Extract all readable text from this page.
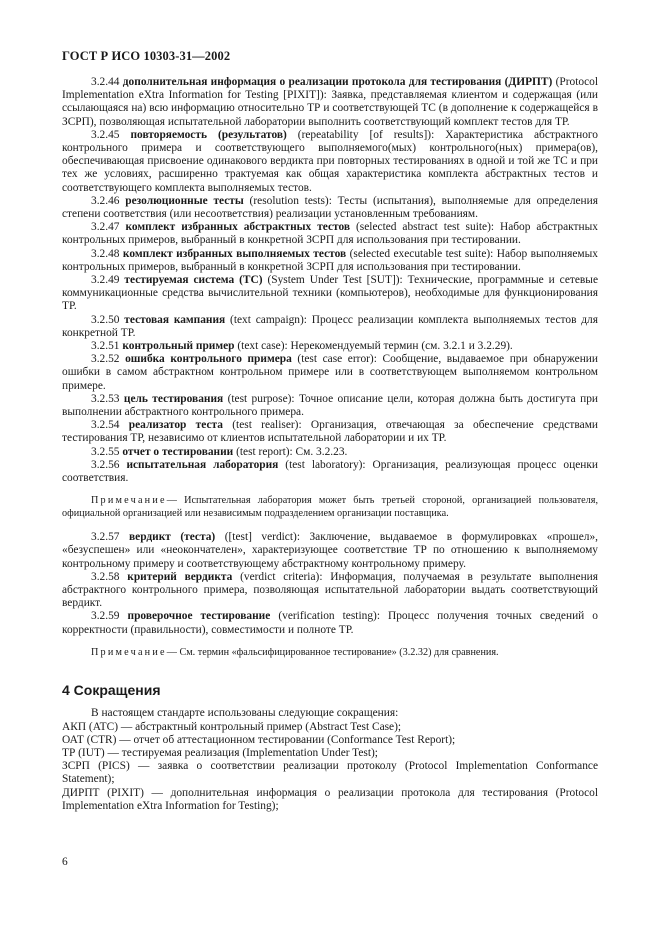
ГОСТ Р ИСО 10303-31—2002

3.2.44 дополнительная информация о реализации протокола для тестирования (ДИРПТ) (Protocol Implementation eXtra Information for Testing [PIXIT]): Заявка, представляемая клиентом и содержащая (или ссылающаяся на) всю информацию относительно ТР и соответствующей ТС (в дополнение к содержащейся в ЗСРП), позволяющая испытательной лаборатории выполнить соответствующий комплект тестов для ТР.

3.2.45 повторяемость (результатов) (repeatability [of results]): Характеристика абстрактного контрольного примера и соответствующего выполняемого(мых) контрольного(ных) примера(ов), обеспечивающая присвоение одинакового вердикта при повторных тестированиях в одной и той же ТС и при тех же условиях, расширенно трактуемая как общая характеристика комплекта абстрактных тестов и соответствующего комплекта выполняемых тестов.

3.2.46 резолюционные тесты (resolution tests): Тесты (испытания), выполняемые для определения степени соответствия (или несоответствия) реализации установленным требованиям.

3.2.47 комплект избранных абстрактных тестов (selected abstract test suite): Набор абстрактных контрольных примеров, выбранный в конкретной ЗСРП для использования при тестировании.

3.2.48 комплект избранных выполняемых тестов (selected executable test suite): Набор выполняемых контрольных примеров, выбранный в конкретной ЗСРП для использования при тестировании.

3.2.49 тестируемая система (ТС) (System Under Test [SUT]): Технические, программные и сетевые коммуникационные средства вычислительной техники (компьютеров), необходимые для функционирования ТР.

3.2.50 тестовая кампания (text campaign): Процесс реализации комплекта выполняемых тестов для конкретной ТР.

3.2.51 контрольный пример (text case): Нерекомендуемый термин (см. 3.2.1 и 3.2.29).

3.2.52 ошибка контрольного примера (test case error): Сообщение, выдаваемое при обнаружении ошибки в самом абстрактном контрольном примере или в соответствующем выполняемом контрольном примере.

3.2.53 цель тестирования (test purpose): Точное описание цели, которая должна быть достигута при выполнении абстрактного контрольного примера.

3.2.54 реализатор теста (test realiser): Организация, отвечающая за обеспечение средствами тестирования ТР, независимо от клиентов испытательной лаборатории и их ТР.

3.2.55 отчет о тестировании (test report): См. 3.2.23.

3.2.56 испытательная лаборатория (test laboratory): Организация, реализующая процесс оценки соответствия.

Примечание— Испытательная лаборатория может быть третьей стороной, организацией пользователя, официальной организацией или независимым подразделением организации поставщика.

3.2.57 вердикт (теста) ([test] verdict): Заключение, выдаваемое в формулировках «прошел», «безуспешен» или «неокончателен», характеризующее соответствие ТР по отношению к выполняемому контрольному примеру и соответствующему абстрактному контрольному примеру.

3.2.58 критерий вердикта (verdict criteria): Информация, получаемая в результате выполнения абстрактного контрольного примера, позволяющая испытательной лаборатории выдать соответствующий вердикт.

3.2.59 проверочное тестирование (verification testing): Процесс получения точных сведений о корректности (правильности), совместимости и полноте ТР.

Примечание— См. термин «фальсифицированное тестирование» (3.2.32) для сравнения.

4 Сокращения

В настоящем стандарте использованы следующие сокращения:

АКП (ATC) — абстрактный контрольный пример (Abstract Test Case);

ОАТ (CTR) — отчет об аттестационном тестировании (Conformance Test Report);

ТР (IUT) — тестируемая реализация (Implementation Under Test);

ЗСРП (PICS) — заявка о соответствии реализации протоколу (Protocol Implementation Conformance Statement);

ДИРПТ (PIXIT) — дополнительная информация о реализации протокола для тестирования (Protocol Implementation eXtra Information for Testing);

6
